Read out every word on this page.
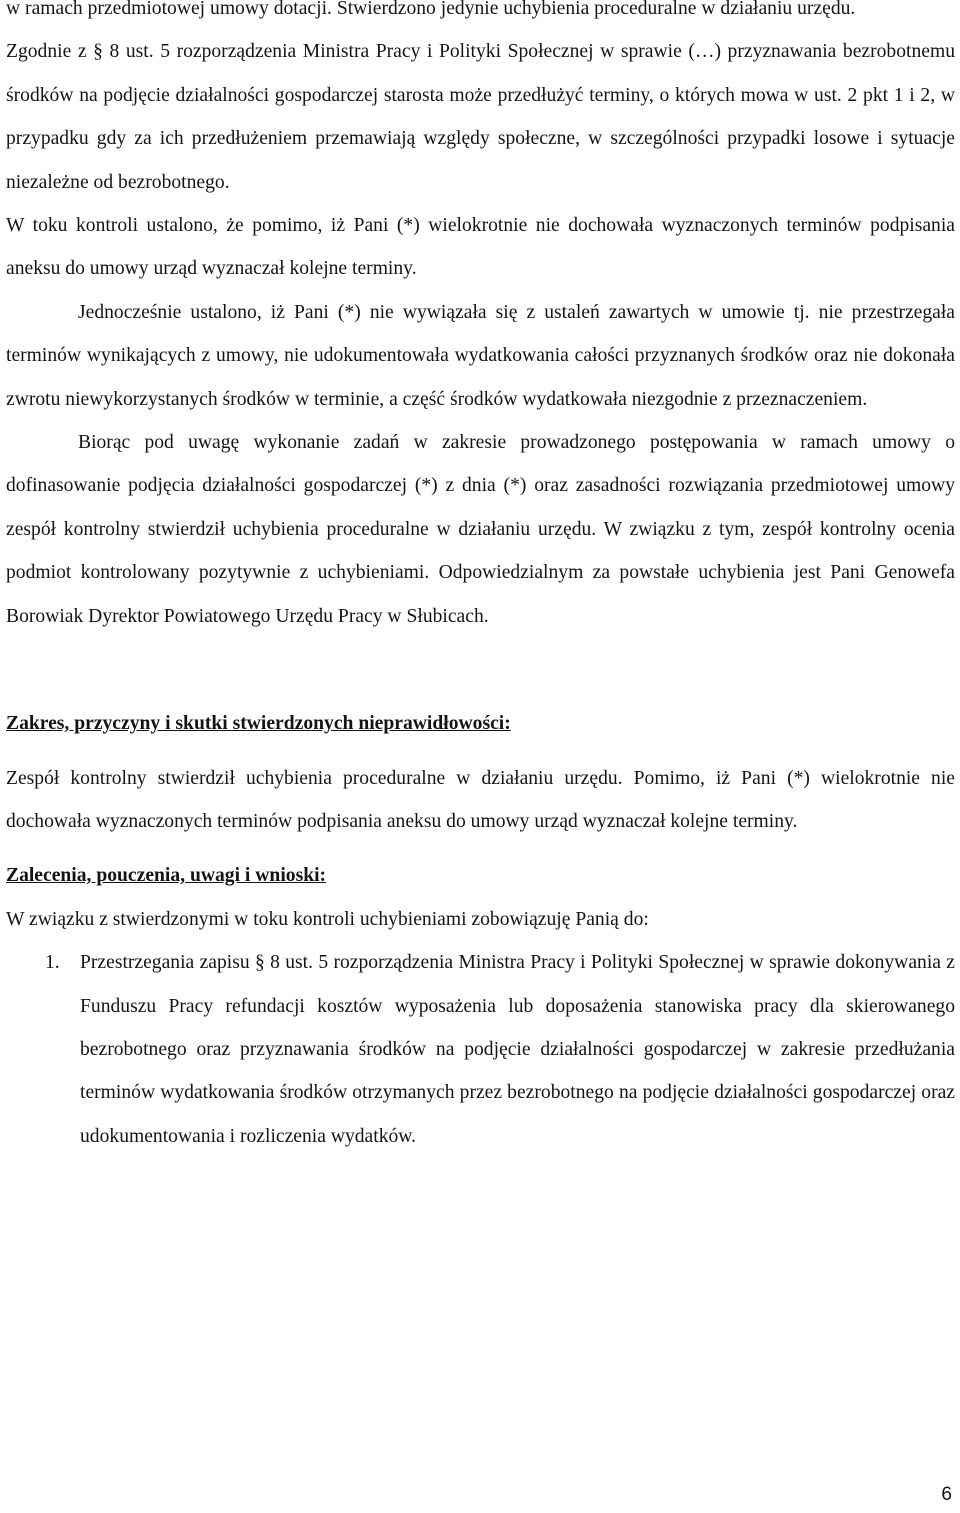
w ramach przedmiotowej umowy dotacji. Stwierdzono jedynie uchybienia proceduralne w działaniu urzędu.

Zgodnie z § 8 ust. 5 rozporządzenia Ministra Pracy i Polityki Społecznej w sprawie (…) przyznawania bezrobotnemu środków na podjęcie działalności gospodarczej starosta może przedłużyć terminy, o których mowa w ust. 2 pkt 1 i 2, w przypadku gdy za ich przedłużeniem przemawiają względy społeczne, w szczególności przypadki losowe i sytuacje niezależne od bezrobotnego.

W toku kontroli ustalono, że pomimo, iż Pani (*) wielokrotnie nie dochowała wyznaczonych terminów podpisania aneksu do umowy urząd wyznaczał kolejne terminy.

Jednocześnie ustalono, iż Pani (*) nie wywiązała się z ustaleń zawartych w umowie tj. nie przestrzegała terminów wynikających z umowy, nie udokumentowała wydatkowania całości przyznanych środków oraz nie dokonała zwrotu niewykorzystanych środków w terminie, a część środków wydatkowała niezgodnie z przeznaczeniem.

Biorąc pod uwagę wykonanie zadań w zakresie prowadzonego postępowania w ramach umowy o dofinasowanie podjęcia działalności gospodarczej (*) z dnia (*) oraz zasadności rozwiązania przedmiotowej umowy zespół kontrolny stwierdził uchybienia proceduralne w działaniu urzędu. W związku z tym, zespół kontrolny ocenia podmiot kontrolowany pozytywnie z uchybieniami. Odpowiedzialnym za powstałe uchybienia jest Pani Genowefa Borowiak Dyrektor Powiatowego Urzędu Pracy w Słubicach.

Zakres, przyczyny i skutki stwierdzonych nieprawidłowości:

Zespół kontrolny stwierdził uchybienia proceduralne w działaniu urzędu. Pomimo, iż Pani (*) wielokrotnie nie dochowała wyznaczonych terminów podpisania aneksu do umowy urząd wyznaczał kolejne terminy.

Zalecenia, pouczenia, uwagi i wnioski:

W związku z stwierdzonymi w toku kontroli uchybieniami zobowiązuję Panią do:

1. Przestrzegania zapisu § 8 ust. 5 rozporządzenia Ministra Pracy i Polityki Społecznej w sprawie dokonywania z Funduszu Pracy refundacji kosztów wyposażenia lub doposażenia stanowiska pracy dla skierowanego bezrobotnego oraz przyznawania środków na podjęcie działalności gospodarczej w zakresie przedłużania terminów wydatkowania środków otrzymanych przez bezrobotnego na podjęcie działalności gospodarczej oraz udokumentowania i rozliczenia wydatków.

6
